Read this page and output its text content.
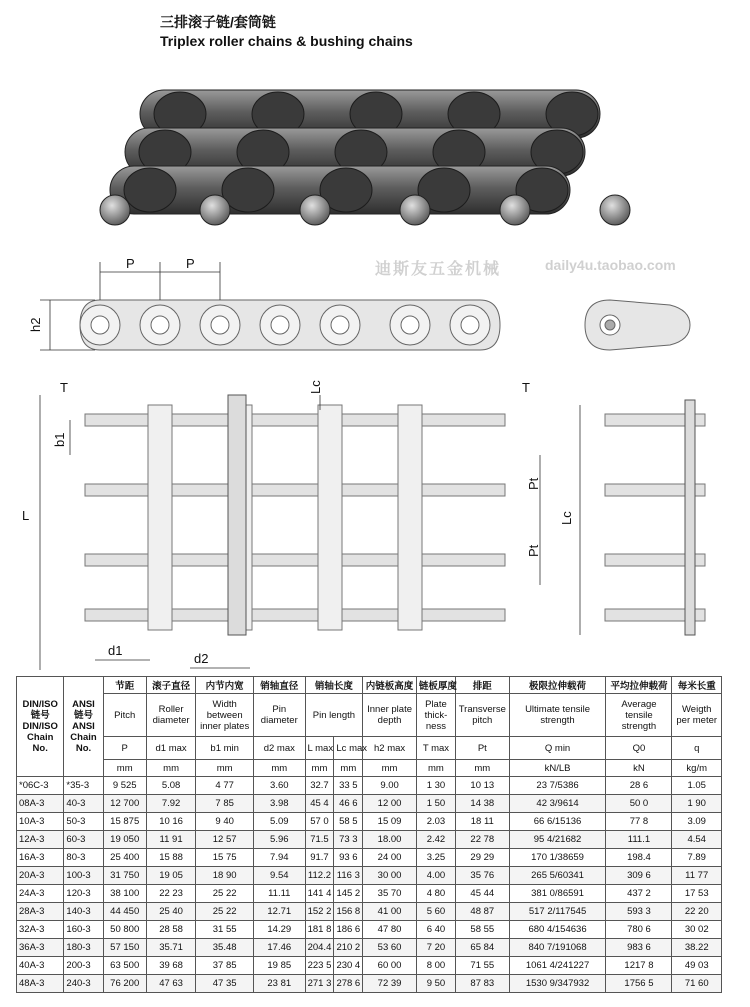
三排滚子链/套筒链
Triplex roller chains & bushing chains
迪斯友五金机械	daily4u.taobao.com
P	P
h2
T	Lc	T
b1
L
Pt
Pt
Lc
d1
d2
DIN/ISO
链号
DIN/ISO
Chain
No.	ANSI
链号
ANSI
Chain
No.	节距	滚子直径	内节内宽	销轴直径	销轴长度		内链板高度	链板厚度	排距	极限拉伸载荷	平均拉伸载荷	每米长重
		Pitch	Roller diameter	Width between inner plates	Pin diameter	Pin length		Inner plate depth	Plate thick-ness	Transverse pitch	Ultimate tensile strength	Average tensile strength	Weigth per meter
		P	d1 max	b1 min	d2 max	L max	Lc max	h2 max	T max	Pt	Q min	Q0	q
		mm	mm	mm	mm	mm	mm	mm	mm	mm	kN/LB	kN	kg/m
*06C-3	*35-3	9 525	5.08	4 77	3.60	32.7	33 5	9.00	1 30	10 13	23 7/5386	28 6	1.05
08A-3	40-3	12 700	7.92	7 85	3.98	45 4	46 6	12 00	1 50	14 38	42 3/9614	50 0	1 90
10A-3	50-3	15 875	10 16	9 40	5.09	57 0	58 5	15 09	2.03	18 11	66 6/15136	77 8	3.09
12A-3	60-3	19 050	11 91	12 57	5.96	71.5	73 3	18.00	2.42	22 78	95 4/21682	111.1	4.54
16A-3	80-3	25 400	15 88	15 75	7.94	91.7	93 6	24 00	3.25	29 29	170 1/38659	198.4	7.89
20A-3	100-3	31 750	19 05	18 90	9.54	112.2	116 3	30 00	4.00	35 76	265 5/60341	309 6	11 77
24A-3	120-3	38 100	22 23	25 22	11.11	141 4	145 2	35 70	4 80	45 44	381 0/86591	437 2	17 53
28A-3	140-3	44 450	25 40	25 22	12.71	152 2	156 8	41 00	5 60	48 87	517 2/117545	593 3	22 20
32A-3	160-3	50 800	28 58	31 55	14.29	181 8	186 6	47 80	6 40	58 55	680 4/154636	780 6	30 02
36A-3	180-3	57 150	35.71	35.48	17.46	204.4	210 2	53 60	7 20	65 84	840 7/191068	983 6	38.22
40A-3	200-3	63 500	39 68	37 85	19 85	223 5	230 4	60 00	8 00	71 55	1061 4/241227	1217 8	49 03
48A-3	240-3	76 200	47 63	47 35	23 81	271 3	278 6	72 39	9 50	87 83	1530 9/347932	1756 5	71 60
